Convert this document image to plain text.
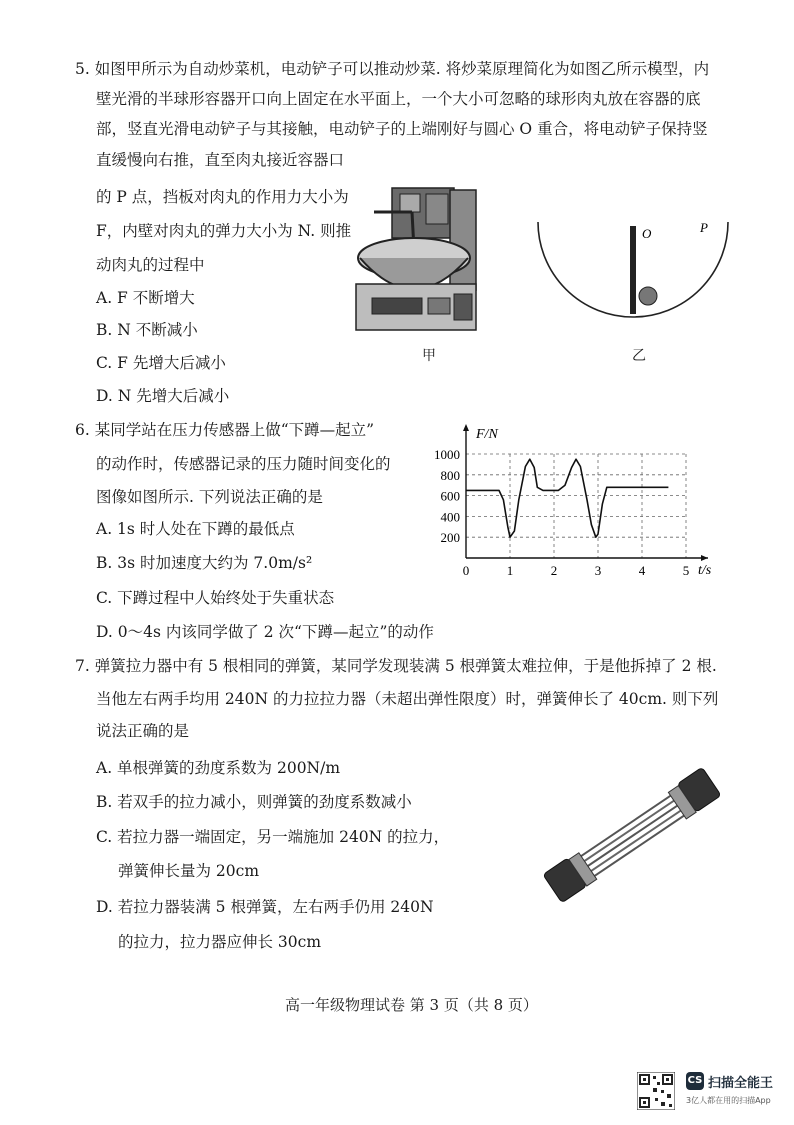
5. 如图甲所示为自动炒菜机，电动铲子可以推动炒菜. 将炒菜原理简化为如图乙所示模型，内
壁光滑的半球形容器开口向上固定在水平面上，一个大小可忽略的球形肉丸放在容器的底
部，竖直光滑电动铲子与其接触，电动铲子的上端刚好与圆心 O 重合，将电动铲子保持竖
直缓慢向右推，直至肉丸接近容器口
的 P 点，挡板对肉丸的作用力大小为
F，内壁对肉丸的弹力大小为 N. 则推
动肉丸的过程中
A. F 不断增大
B. N 不断减小
C. F 先增大后减小
D. N 先增大后减小
甲
O	P
乙
6. 某同学站在压力传感器上做“下蹲—起立”
的动作时，传感器记录的压力随时间变化的
图像如图所示. 下列说法正确的是
A. 1s 时人处在下蹲的最低点
B. 3s 时加速度大约为 7.0m/s²
C. 下蹲过程中人始终处于失重状态
D. 0～4s 内该同学做了 2 次“下蹲—起立”的动作
200
400
600
800
1000
0	1	2	3	4	5
F/N
t/s
7. 弹簧拉力器中有 5 根相同的弹簧，某同学发现装满 5 根弹簧太难拉伸，于是他拆掉了 2 根.
当他左右两手均用 240N 的力拉拉力器（未超出弹性限度）时，弹簧伸长了 40cm. 则下列
说法正确的是
A. 单根弹簧的劲度系数为 200N/m
B. 若双手的拉力减小，则弹簧的劲度系数减小
C. 若拉力器一端固定，另一端施加 240N 的拉力，
弹簧伸长量为 20cm
D. 若拉力器装满 5 根弹簧，左右两手仍用 240N
的拉力，拉力器应伸长 30cm
高一年级物理试卷 第 3 页（共 8 页）
CS 扫描全能王
3亿人都在用的扫描App
